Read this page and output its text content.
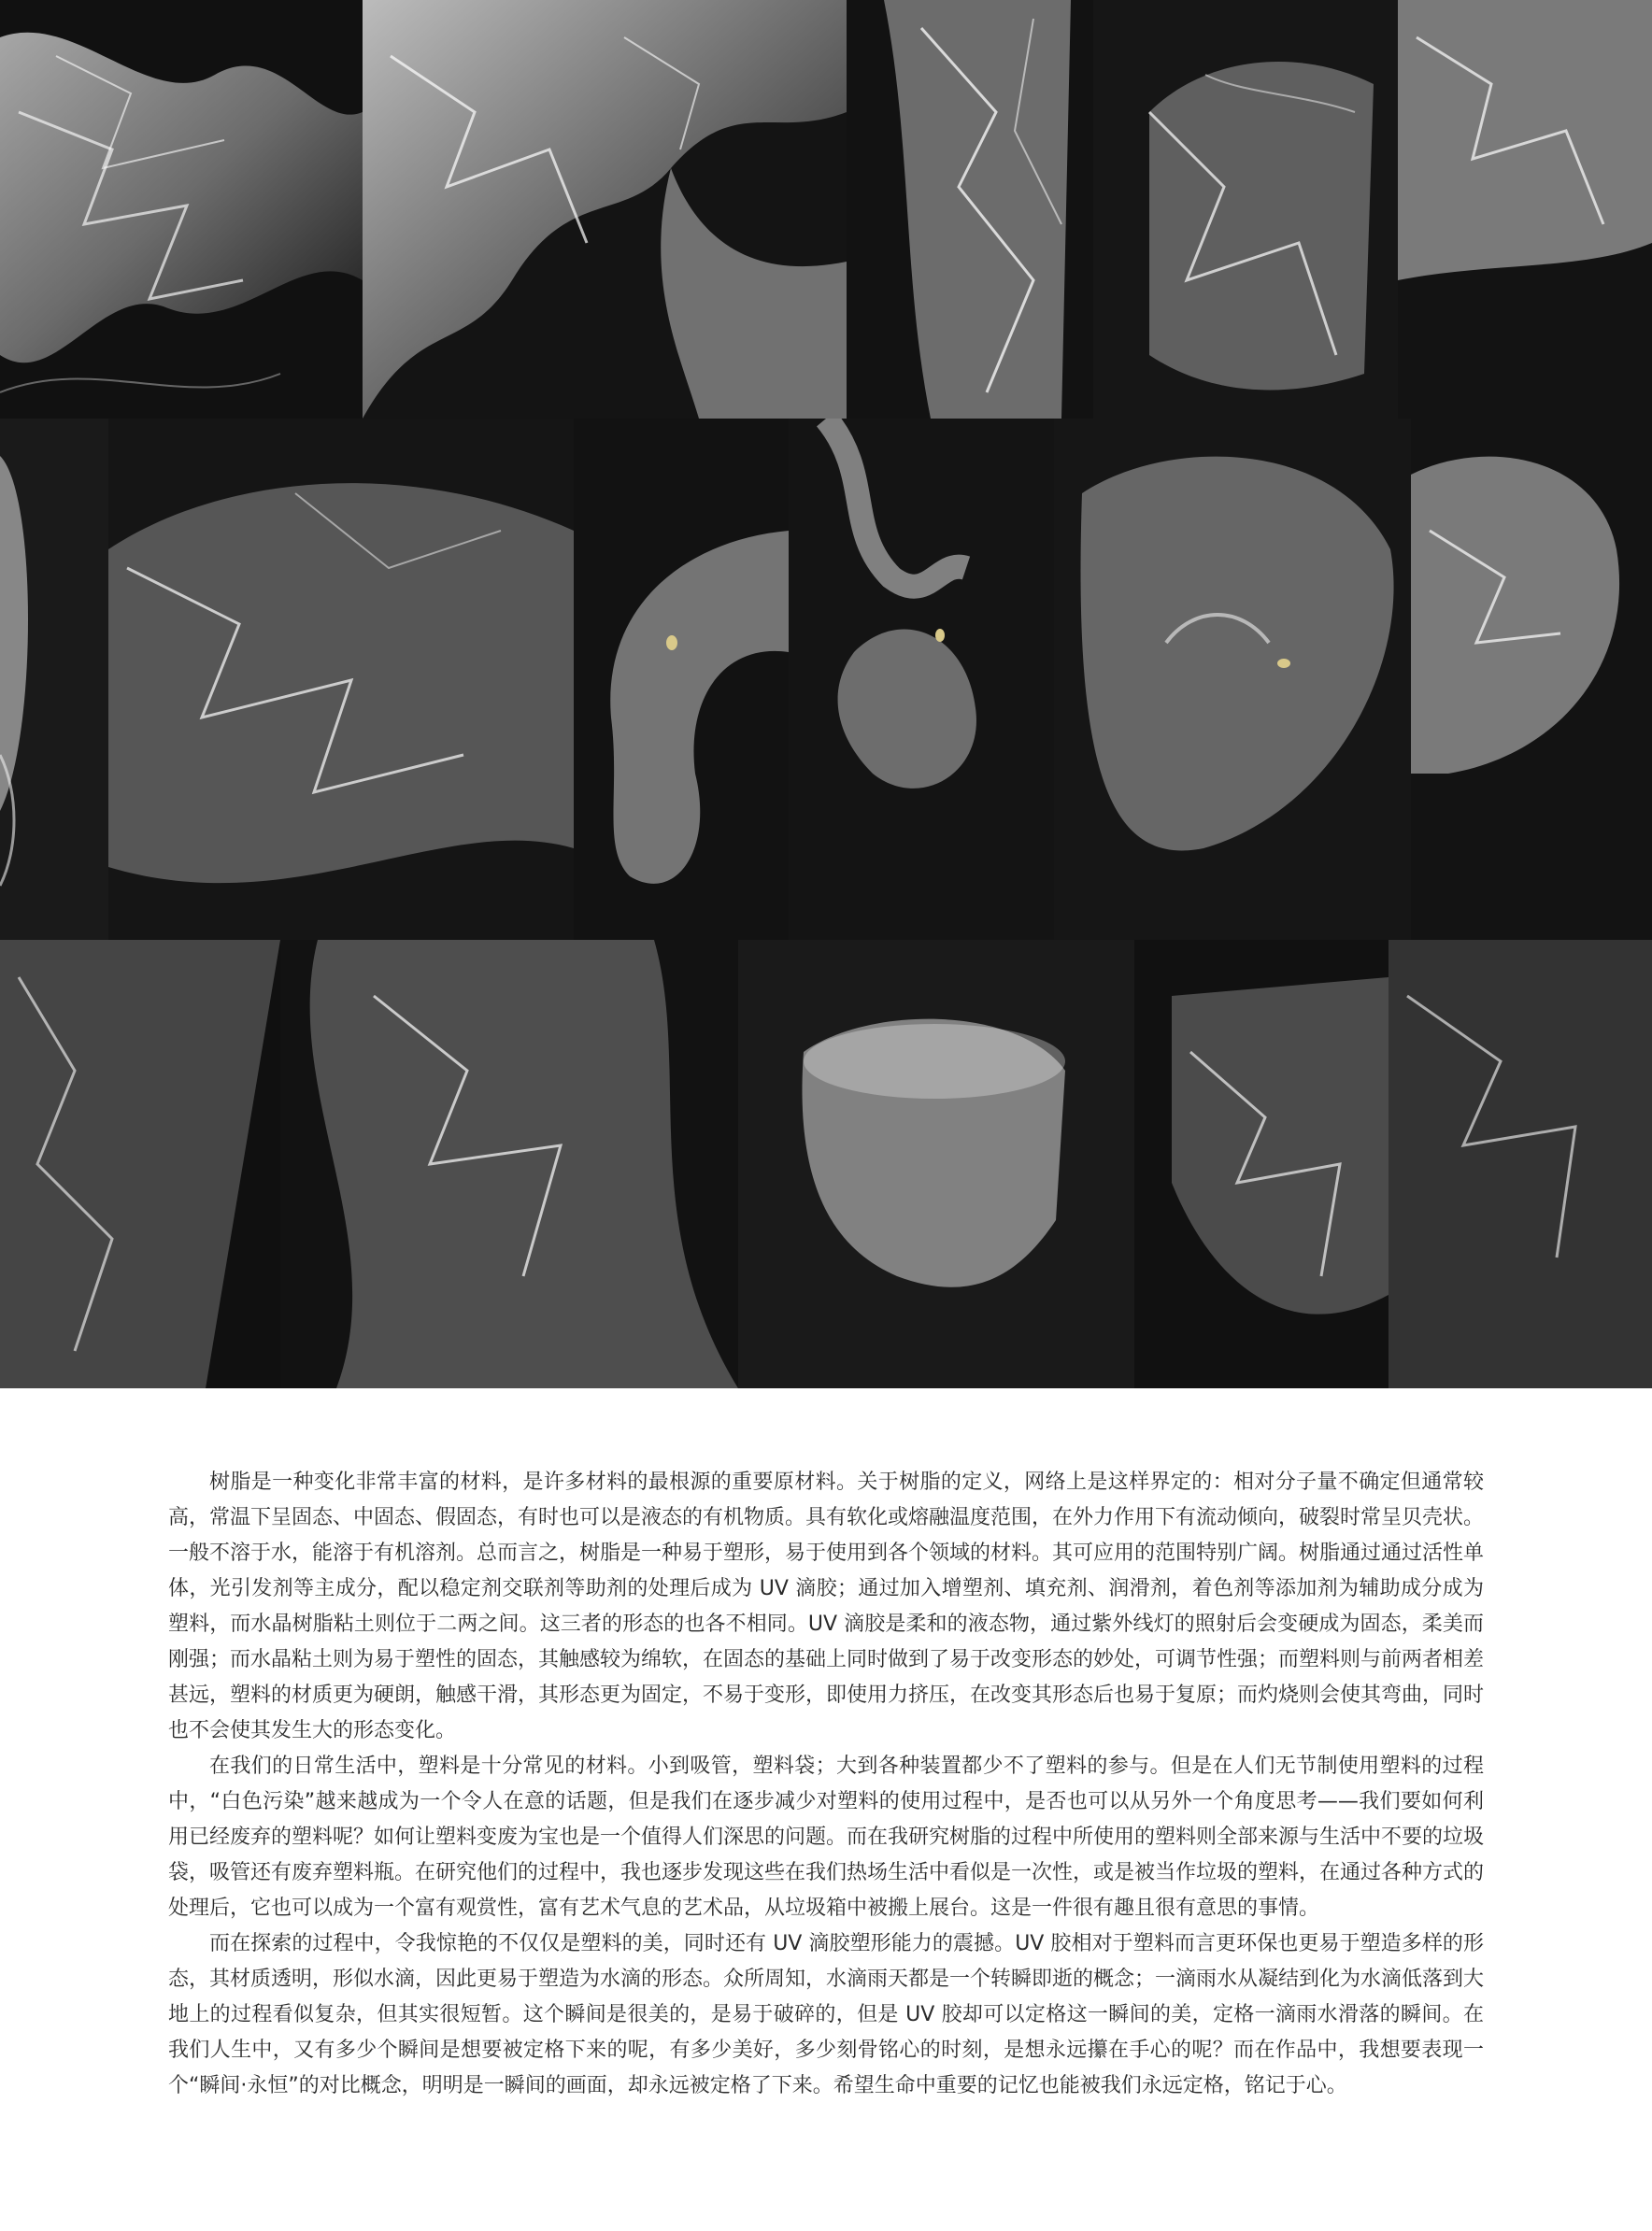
树脂是一种变化非常丰富的材料，是许多材料的最根源的重要原材料。关于树脂的定义，网络上是这样界定的：相对分子量不确定但通常较高，常温下呈固态、中固态、假固态，有时也可以是液态的有机物质。具有软化或熔融温度范围，在外力作用下有流动倾向，破裂时常呈贝壳状。一般不溶于水，能溶于有机溶剂。总而言之，树脂是一种易于塑形，易于使用到各个领域的材料。其可应用的范围特别广阔。树脂通过通过活性单体，光引发剂等主成分，配以稳定剂交联剂等助剂的处理后成为 UV 滴胶；通过加入增塑剂、填充剂、润滑剂，着色剂等添加剂为辅助成分成为塑料，而水晶树脂粘土则位于二两之间。这三者的形态的也各不相同。UV 滴胶是柔和的液态物，通过紫外线灯的照射后会变硬成为固态，柔美而刚强；而水晶粘土则为易于塑性的固态，其触感较为绵软，在固态的基础上同时做到了易于改变形态的妙处，可调节性强；而塑料则与前两者相差甚远，塑料的材质更为硬朗，触感干滑，其形态更为固定，不易于变形，即使用力挤压，在改变其形态后也易于复原；而灼烧则会使其弯曲，同时也不会使其发生大的形态变化。

在我们的日常生活中，塑料是十分常见的材料。小到吸管，塑料袋；大到各种装置都少不了塑料的参与。但是在人们无节制使用塑料的过程中，“白色污染”越来越成为一个令人在意的话题，但是我们在逐步减少对塑料的使用过程中，是否也可以从另外一个角度思考——我们要如何利用已经废弃的塑料呢？如何让塑料变废为宝也是一个值得人们深思的问题。而在我研究树脂的过程中所使用的塑料则全部来源与生活中不要的垃圾袋，吸管还有废弃塑料瓶。在研究他们的过程中，我也逐步发现这些在我们热场生活中看似是一次性，或是被当作垃圾的塑料，在通过各种方式的处理后，它也可以成为一个富有观赏性，富有艺术气息的艺术品，从垃圾箱中被搬上展台。这是一件很有趣且很有意思的事情。

而在探索的过程中，令我惊艳的不仅仅是塑料的美，同时还有 UV 滴胶塑形能力的震撼。UV 胶相对于塑料而言更环保也更易于塑造多样的形态，其材质透明，形似水滴，因此更易于塑造为水滴的形态。众所周知，水滴雨天都是一个转瞬即逝的概念；一滴雨水从凝结到化为水滴低落到大地上的过程看似复杂，但其实很短暂。这个瞬间是很美的，是易于破碎的，但是 UV 胶却可以定格这一瞬间的美，定格一滴雨水滑落的瞬间。在我们人生中，又有多少个瞬间是想要被定格下来的呢，有多少美好，多少刻骨铭心的时刻，是想永远攥在手心的呢？而在作品中，我想要表现一个“瞬间·永恒”的对比概念，明明是一瞬间的画面，却永远被定格了下来。希望生命中重要的记忆也能被我们永远定格，铭记于心。
